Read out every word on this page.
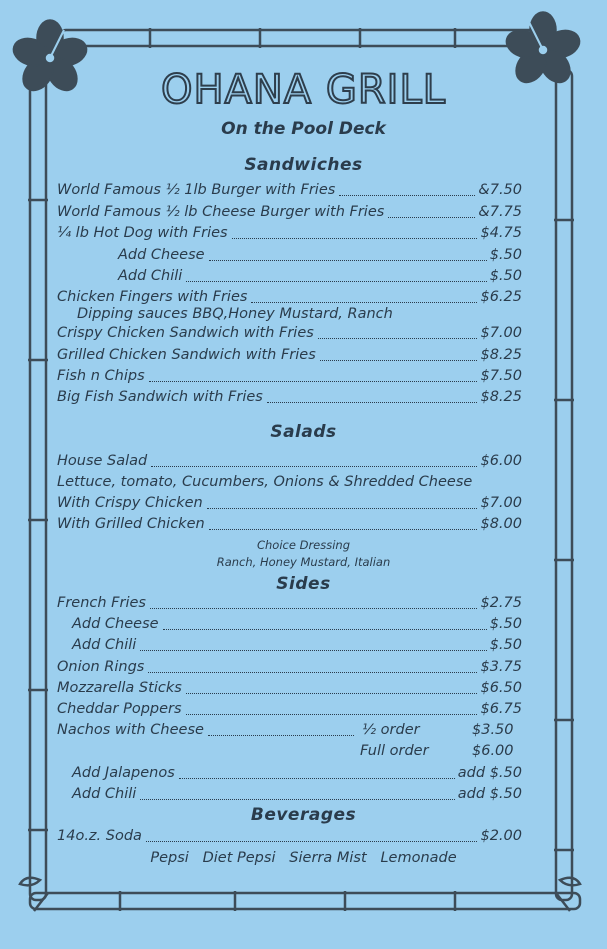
OHANA GRILL
On the Pool Deck
Sandwiches
World Famous ½ 1lb Burger with Fries	&7.50
World Famous ½ lb Cheese Burger with Fries	&7.75
¼ lb Hot Dog with Fries	$4.75
Add Cheese	$.50
Add Chili	$.50
Chicken Fingers with Fries	$6.25
Dipping sauces BBQ,Honey Mustard, Ranch
Crispy Chicken Sandwich with Fries	$7.00
Grilled Chicken Sandwich with Fries	$8.25
Fish n Chips	$7.50
Big Fish Sandwich with Fries	$8.25
Salads
House Salad	$6.00
Lettuce, tomato, Cucumbers, Onions & Shredded Cheese
With Crispy Chicken	$7.00
With Grilled Chicken	$8.00
Choice Dressing
Ranch, Honey Mustard, Italian
Sides
French Fries	$2.75
Add Cheese	$.50
Add Chili	$.50
Onion Rings	$3.75
Mozzarella Sticks	$6.50
Cheddar Poppers	$6.75
Nachos with Cheese	½ order	$3.50
Full order	$6.00
Add Jalapenos	add $.50
Add Chili	add $.50
Beverages
14o.z. Soda	$2.00
Pepsi   Diet Pepsi   Sierra Mist   Lemonade
